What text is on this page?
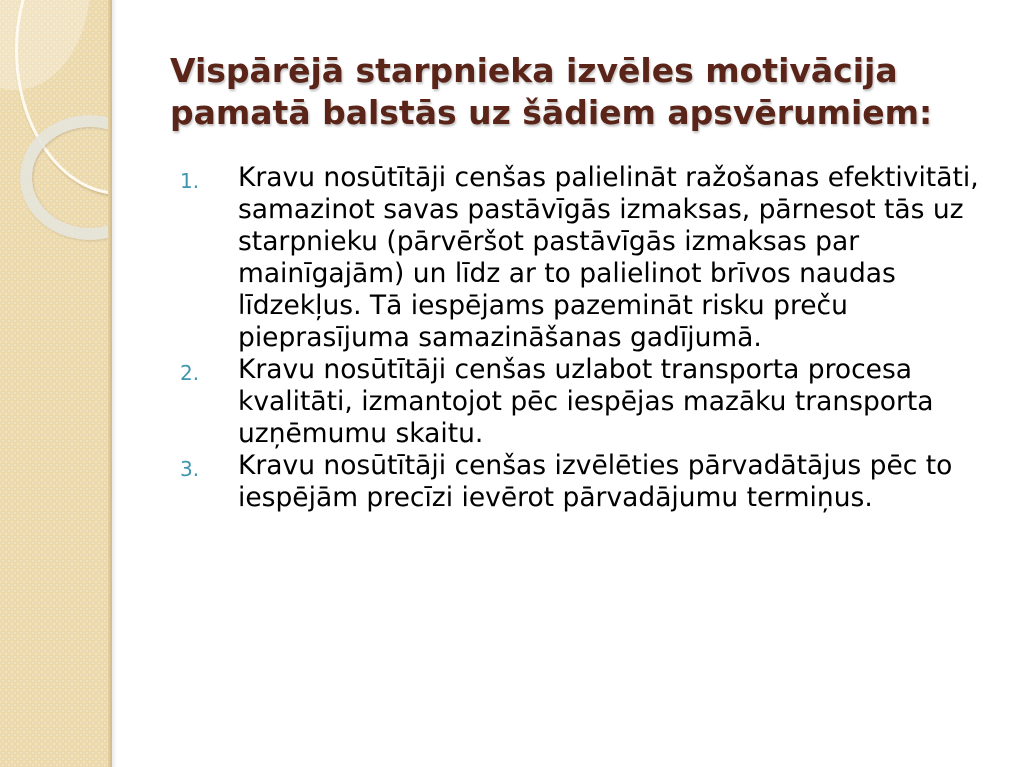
Vispārējā starpnieka izvēles motivācija pamatā balstās uz šādiem apsvērumiem:
1.	Kravu nosūtītāji cenšas palielināt ražošanas efektivitāti, samazinot savas pastāvīgās izmaksas, pārnesot tās uz starpnieku (pārvēršot pastāvīgās izmaksas par mainīgajām) un līdz ar to palielinot brīvos naudas līdzekļus. Tā iespējams pazemināt risku preču pieprasījuma samazināšanas gadījumā.
2.	Kravu nosūtītāji cenšas uzlabot transporta procesa kvalitāti, izmantojot pēc iespējas mazāku transporta uzņēmumu skaitu.
3.	Kravu nosūtītāji cenšas izvēlēties pārvadātājus pēc to iespējām precīzi ievērot pārvadājumu termiņus.
